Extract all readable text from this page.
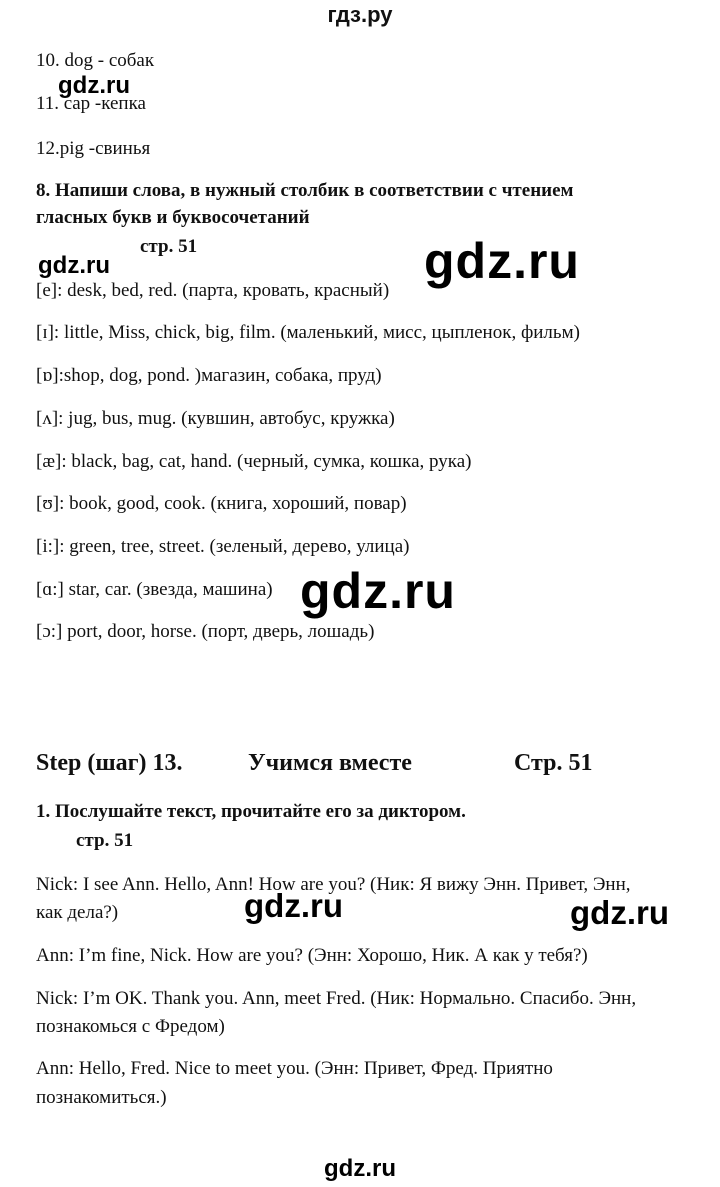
гдз.ру
10. dog - собак
11. cap -кепка
12.pig -свинья
8. Напиши слова, в нужный столбик в соответствии с чтением
гласных букв и буквосочетаний
стр. 51
[e]: desk, bed, red. (парта, кровать, красный)
[ɪ]: little, Miss, chick, big, film. (маленький, мисс, цыпленок, фильм)
[ɒ]:shop, dog, pond. )магазин, собака, пруд)
[ʌ]: jug, bus, mug. (кувшин, автобус, кружка)
[æ]: black, bag, cat, hand. (черный, сумка, кошка, рука)
[ʊ]: book, good, cook. (книга, хороший, повар)
[i:]: green, tree, street. (зеленый, дерево, улица)
[ɑ:] star, car. (звезда, машина)
[ɔ:] port, door, horse. (порт, дверь, лошадь)
Step (шаг) 13.	Учимся вместе	Стр. 51
1. Послушайте текст, прочитайте его за диктором.
стр. 51
Nick: I see Ann. Hello, Ann! How are you? (Ник: Я вижу Энн. Привет, Энн,
как дела?)
Ann: I’m fine, Nick. How are you? (Энн: Хорошо, Ник. А как у тебя?)
Nick: I’m OK. Thank you. Ann, meet Fred. (Ник: Нормально. Спасибо. Энн,
познакомься с Фредом)
Ann: Hello, Fred. Nice to meet you. (Энн: Привет, Фред. Приятно
познакомиться.)
gdz.ru
gdz.ru	gdz.ru
gdz.ru
gdz.ru	gdz.ru
gdz.ru
